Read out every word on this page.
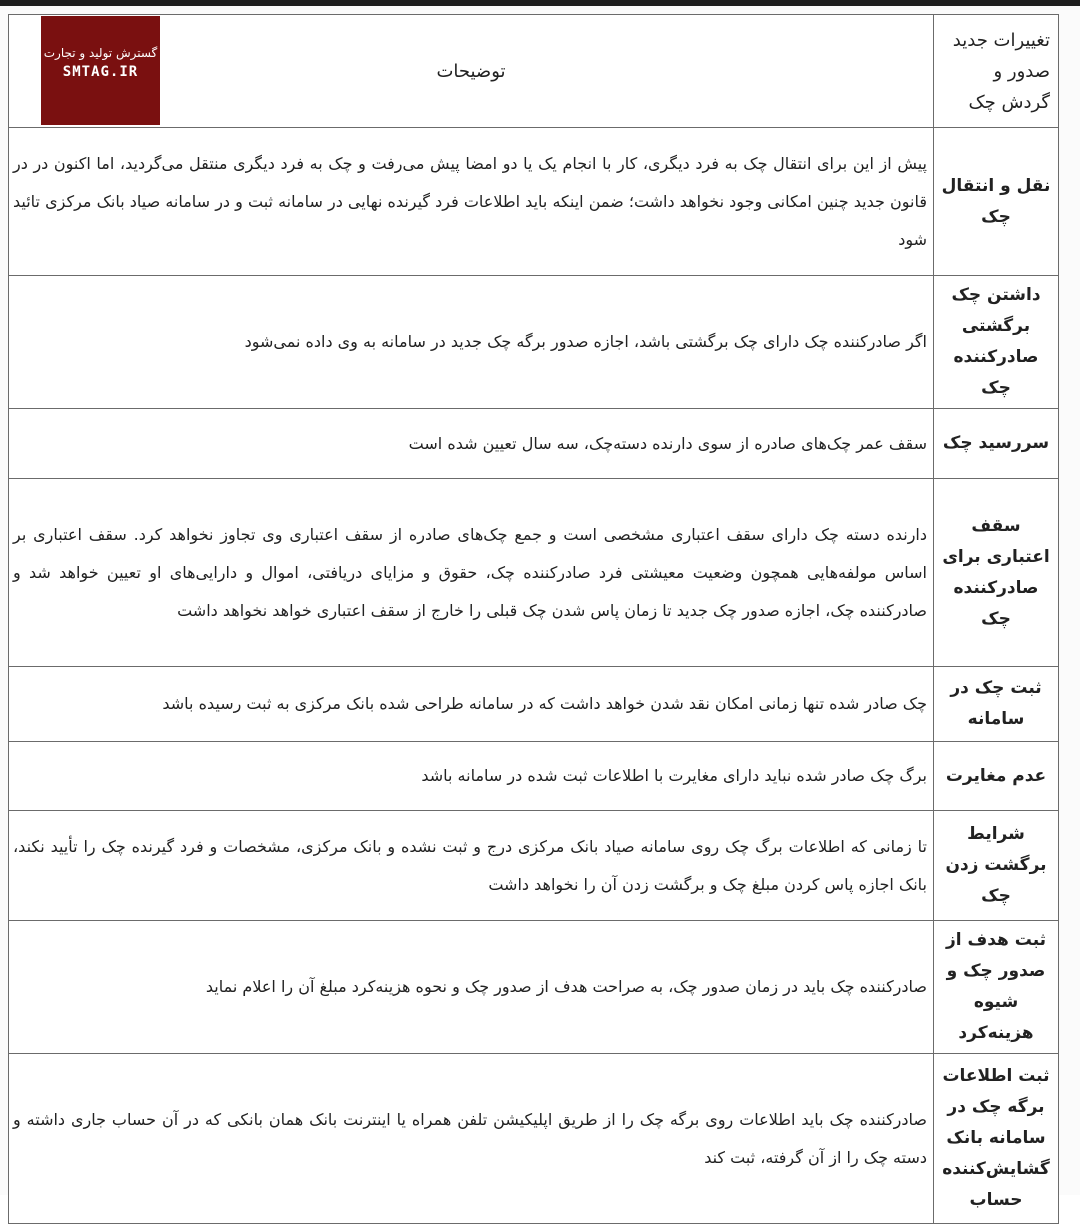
گسترش تولید و تجارت
SMTAG.IR
تغییرات جدید صدور و گردش چک	توضیحات
نقل و انتقال چک	پیش از این برای انتقال چک به فرد دیگری، کار با انجام یک یا دو امضا پیش می‌رفت و چک به فرد دیگری منتقل می‌گردید، اما اکنون در در قانون جدید چنین امکانی وجود نخواهد داشت؛ ضمن اینکه باید اطلاعات فرد گیرنده نهایی در سامانه ثبت و در سامانه صیاد بانک مرکزی تائید شود
داشتن چک برگشتی صادرکننده چک	اگر صادرکننده چک دارای چک برگشتی باشد، اجازه صدور برگه چک جدید در سامانه به وی داده نمی‌شود
سررسید چک	سقف عمر چک‌های صادره از سوی دارنده دسته‌چک، سه سال تعیین شده است
سقف اعتباری برای صادرکننده چک	دارنده دسته چک دارای سقف اعتباری مشخصی است و جمع چک‌های صادره از سقف اعتباری وی تجاوز نخواهد کرد. سقف اعتباری بر اساس مولفه‌هایی همچون وضعیت معیشتی فرد صادرکننده چک، حقوق و مزایای دریافتی، اموال و دارایی‌های او تعیین خواهد شد و صادرکننده چک، اجازه صدور چک جدید تا زمان پاس شدن چک قبلی را خارج از سقف اعتباری خواهد نخواهد داشت
ثبت چک در سامانه	چک صادر شده تنها زمانی امکان نقد شدن خواهد داشت که در سامانه طراحی شده بانک مرکزی به ثبت رسیده باشد
عدم مغایرت	برگ چک صادر شده نباید دارای مغایرت با اطلاعات ثبت شده در سامانه باشد
شرایط برگشت زدن چک	تا زمانی که اطلاعات برگ چک روی سامانه صیاد بانک مرکزی درج و ثبت نشده و بانک مرکزی، مشخصات و فرد گیرنده چک را تأیید نکند، بانک اجازه پاس کردن مبلغ چک و برگشت زدن آن را نخواهد داشت
ثبت هدف از صدور چک و شیوه هزینه‌کرد	صادرکننده چک باید در زمان صدور چک، به صراحت هدف از صدور چک و نحوه هزینه‌کرد مبلغ آن را اعلام نماید
ثبت اطلاعات برگه چک در سامانه بانک گشایش‌کننده حساب	صادرکننده چک باید اطلاعات روی برگه چک را از طریق اپلیکیشن تلفن همراه یا اینترنت بانک همان بانکی که در آن حساب جاری داشته و دسته چک را از آن گرفته، ثبت کند
